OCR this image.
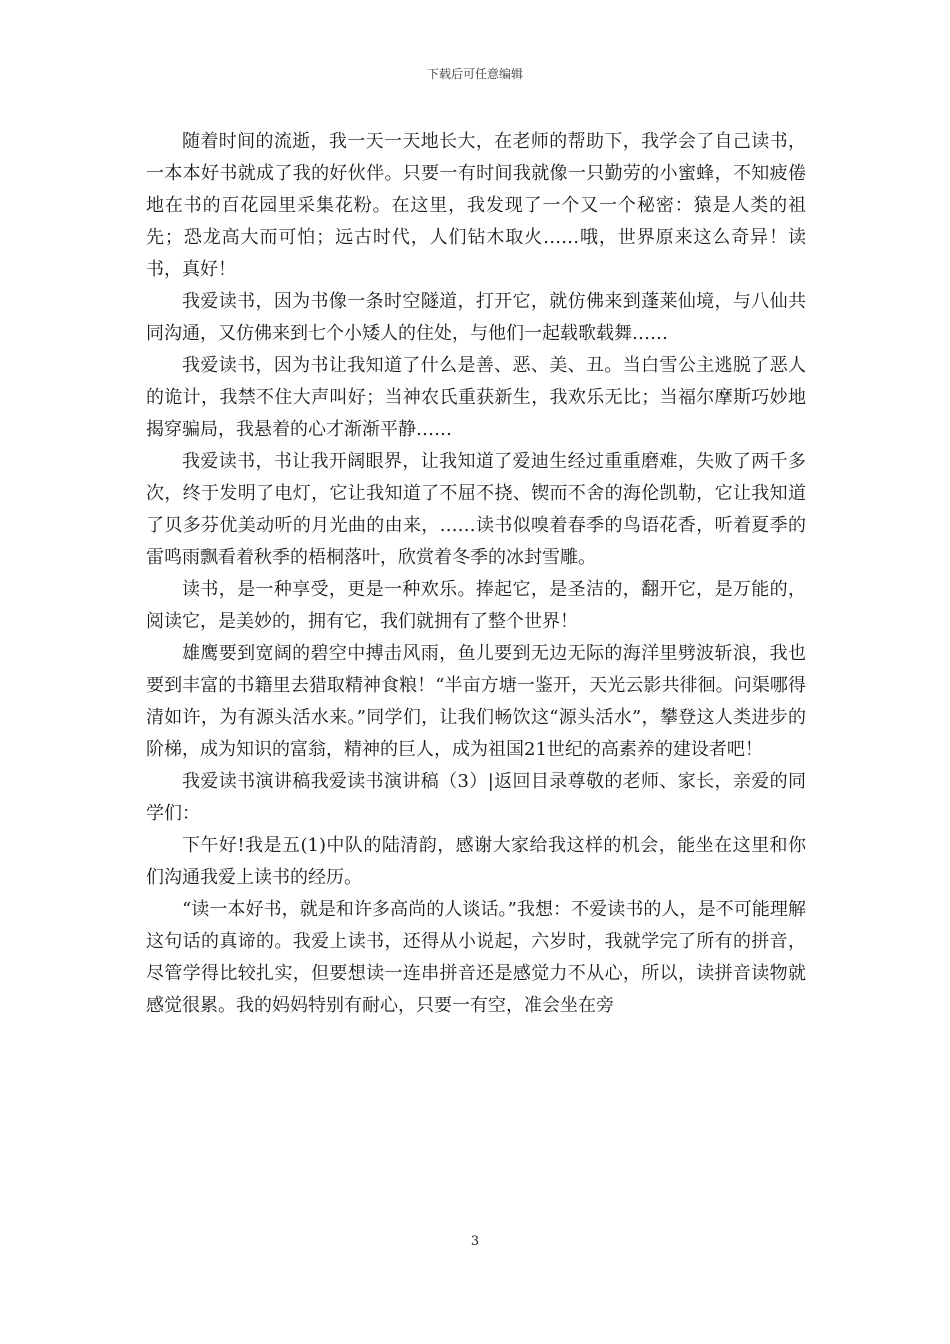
下载后可任意编辑

随着时间的流逝，我一天一天地长大，在老师的帮助下，我学会了自己读书，一本本好书就成了我的好伙伴。只要一有时间我就像一只勤劳的小蜜蜂，不知疲倦地在书的百花园里采集花粉。在这里，我发现了一个又一个秘密：猿是人类的祖先；恐龙高大而可怕；远古时代，人们钻木取火……哦，世界原来这么奇异！读书，真好！

我爱读书，因为书像一条时空隧道，打开它，就仿佛来到蓬莱仙境，与八仙共同沟通，又仿佛来到七个小矮人的住处，与他们一起载歌载舞……

我爱读书，因为书让我知道了什么是善、恶、美、丑。当白雪公主逃脱了恶人的诡计，我禁不住大声叫好；当神农氏重获新生，我欢乐无比；当福尔摩斯巧妙地揭穿骗局，我悬着的心才渐渐平静……

我爱读书，书让我开阔眼界，让我知道了爱迪生经过重重磨难，失败了两千多次，终于发明了电灯，它让我知道了不屈不挠、锲而不舍的海伦凯勒，它让我知道了贝多芬优美动听的月光曲的由来，……读书似嗅着春季的鸟语花香，听着夏季的雷鸣雨飘看着秋季的梧桐落叶，欣赏着冬季的冰封雪雕。

读书，是一种享受，更是一种欢乐。捧起它，是圣洁的，翻开它，是万能的，阅读它，是美妙的，拥有它，我们就拥有了整个世界！

雄鹰要到宽阔的碧空中搏击风雨，鱼儿要到无边无际的海洋里劈波斩浪，我也要到丰富的书籍里去猎取精神食粮！“半亩方塘一鉴开，天光云影共徘徊。问渠哪得清如许，为有源头活水来。”同学们，让我们畅饮这“源头活水”，攀登这人类进步的阶梯，成为知识的富翁，精神的巨人，成为祖国21世纪的高素养的建设者吧！

我爱读书演讲稿我爱读书演讲稿（3）|返回目录尊敬的老师、家长，亲爱的同学们：

下午好!我是五(1)中队的陆清韵，感谢大家给我这样的机会，能坐在这里和你们沟通我爱上读书的经历。

“读一本好书，就是和许多高尚的人谈话。”我想：不爱读书的人，是不可能理解这句话的真谛的。我爱上读书，还得从小说起，六岁时，我就学完了所有的拼音，尽管学得比较扎实，但要想读一连串拼音还是感觉力不从心，所以，读拼音读物就感觉很累。我的妈妈特别有耐心，只要一有空，准会坐在旁

3
